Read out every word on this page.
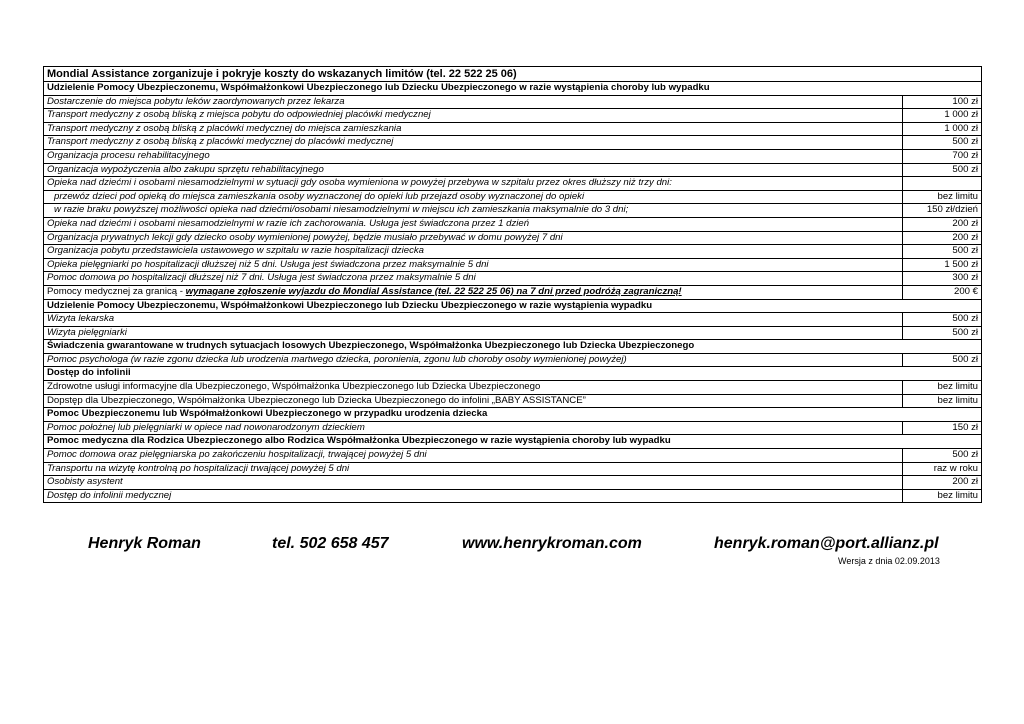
Mondial Assistance zorganizuje i pokryje koszty do wskazanych limitów (tel. 22 522 25 06)	
Udzielenie Pomocy Ubezpieczonemu, Współmałżonkowi Ubezpieczonego lub Dziecku Ubezpieczonego w razie wystąpienia choroby lub wypadku	
Dostarczenie do miejsca pobytu leków zaordynowanych przez lekarza	100 zł
Transport medyczny z osobą bliską z miejsca pobytu do odpowiedniej placówki medycznej	1 000 zł
Transport medyczny z osobą bliską z placówki medycznej do miejsca zamieszkania	1 000 zł
Transport medyczny z osobą bliską z placówki medycznej do placówki medycznej	500 zł
Organizacja procesu rehabilitacyjnego	700 zł
Organizacja wypożyczenia albo zakupu sprzętu rehabilitacyjnego	500 zł
Opieka nad dziećmi i osobami niesamodzielnymi w sytuacji gdy osoba wymieniona w powyżej przebywa w szpitalu przez okres dłuższy niż trzy dni:	
przewóz dzieci pod opieką do miejsca zamieszkania osoby wyznaczonej do opieki lub przejazd osoby wyznaczonej do opieki	bez limitu
w razie braku powyższej możliwości opieka nad dziećmi/osobami niesamodzielnymi w miejscu ich zamieszkania maksymalnie do 3 dni;	150 zł/dzień
Opieka nad dziećmi i osobami niesamodzielnymi w razie ich zachorowania. Usługa jest świadczona przez 1 dzień	200 zł
Organizacja prywatnych lekcji gdy dziecko osoby wymienionej powyżej, będzie musiało przebywać w domu powyżej 7 dni	200 zł
Organizacja pobytu przedstawiciela ustawowego w szpitalu w razie hospitalizacji dziecka	500 zł
Opieka pielęgniarki po hospitalizacji dłuższej niż 5 dni. Usługa jest świadczona przez maksymalnie 5 dni	1 500 zł
Pomoc domowa po hospitalizacji dłuższej niż 7 dni. Usługa jest świadczona przez maksymalnie 5 dni	300 zł
Pomocy medycznej za granicą - wymagane zgłoszenie wyjazdu do Mondial Assistance (tel. 22 522 25 06) na 7 dni przed podróżą zagraniczną!	200 €
Udzielenie Pomocy Ubezpieczonemu, Współmałżonkowi Ubezpieczonego lub Dziecku Ubezpieczonego w razie wystąpienia wypadku	
Wizyta lekarska	500 zł
Wizyta pielęgniarki	500 zł
Świadczenia gwarantowane w trudnych sytuacjach losowych Ubezpieczonego, Współmałżonka Ubezpieczonego lub Dziecka Ubezpieczonego	
Pomoc psychologa (w razie zgonu dziecka lub urodzenia martwego dziecka, poronienia, zgonu lub choroby osoby wymienionej powyżej)	500 zł
Dostęp do infolinii	
Zdrowotne usługi informacyjne dla Ubezpieczonego, Współmałżonka Ubezpieczonego lub Dziecka Ubezpieczonego	bez limitu
Dopstęp dla Ubezpieczonego, Współmałżonka Ubezpieczonego lub Dziecka Ubezpieczonego do infolini „BABY ASSISTANCE”	bez limitu
Pomoc Ubezpieczonemu lub Współmałżonkowi Ubezpieczonego w przypadku urodzenia dziecka	
Pomoc położnej lub pielęgniarki w opiece nad nowonarodzonym dzieckiem	150 zł
Pomoc medyczna dla Rodzica Ubezpieczonego albo Rodzica Współmałżonka Ubezpieczonego w razie wystąpienia choroby lub wypadku	
Pomoc domowa oraz pielęgniarska po zakończeniu hospitalizacji, trwającej powyżej 5 dni	500 zł
Transportu na wizytę kontrolną po hospitalizacji trwającej powyżej 5 dni	raz w roku
Osobisty asystent	200 zł
Dostęp do infolinii medycznej	bez limitu
Henryk Roman	tel. 502 658 457	www.henrykroman.com	henryk.roman@port.allianz.pl
Wersja z dnia 02.09.2013
